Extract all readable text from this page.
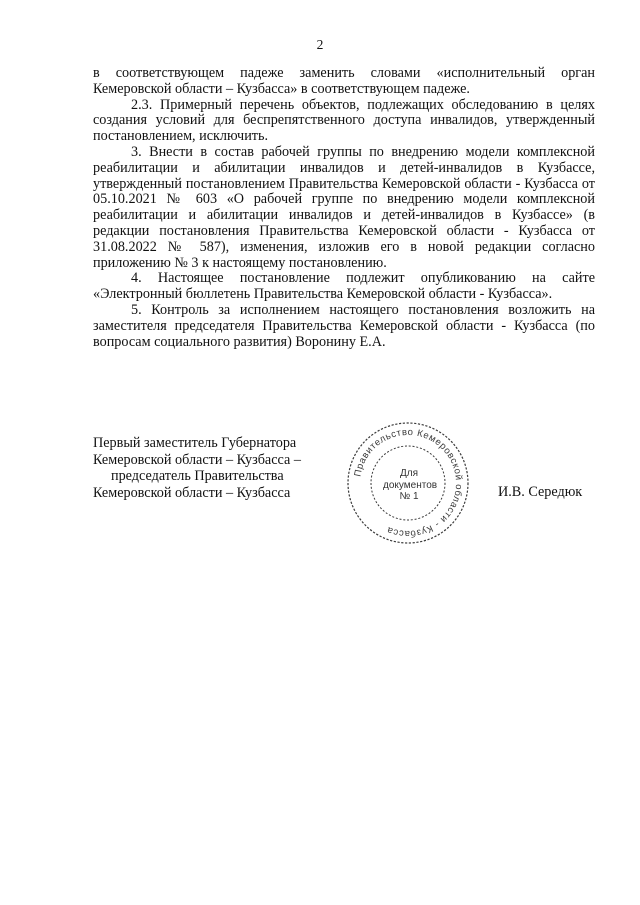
2

в соответствующем падеже заменить словами «исполнительный орган Кемеровской области – Кузбасса» в соответствующем падеже.

2.3. Примерный перечень объектов, подлежащих обследованию в целях создания условий для беспрепятственного доступа инвалидов, утвержденный постановлением, исключить.

3. Внести в состав рабочей группы по внедрению модели комплексной реабилитации и абилитации инвалидов и детей-инвалидов в Кузбассе, утвержденный постановлением Правительства Кемеровской области - Кузбасса от 05.10.2021 № 603 «О рабочей группе по внедрению модели комплексной реабилитации и абилитации инвалидов и детей-инвалидов в Кузбассе» (в редакции постановления Правительства Кемеровской области - Кузбасса от 31.08.2022 № 587), изменения, изложив его в новой редакции согласно приложению № 3 к настоящему постановлению.

4. Настоящее постановление подлежит опубликованию на сайте «Электронный бюллетень Правительства Кемеровской области - Кузбасса».

5. Контроль за исполнением настоящего постановления возложить на заместителя председателя Правительства Кемеровской области - Кузбасса (по вопросам социального развития) Воронину Е.А.

Первый заместитель Губернатора
Кемеровской области – Кузбасса –
председатель Правительства
Кемеровской области – Кузбасса
Правительство Кемеровской области - Кузбасса
Для
документов
№ 1	И.В. Середюк
